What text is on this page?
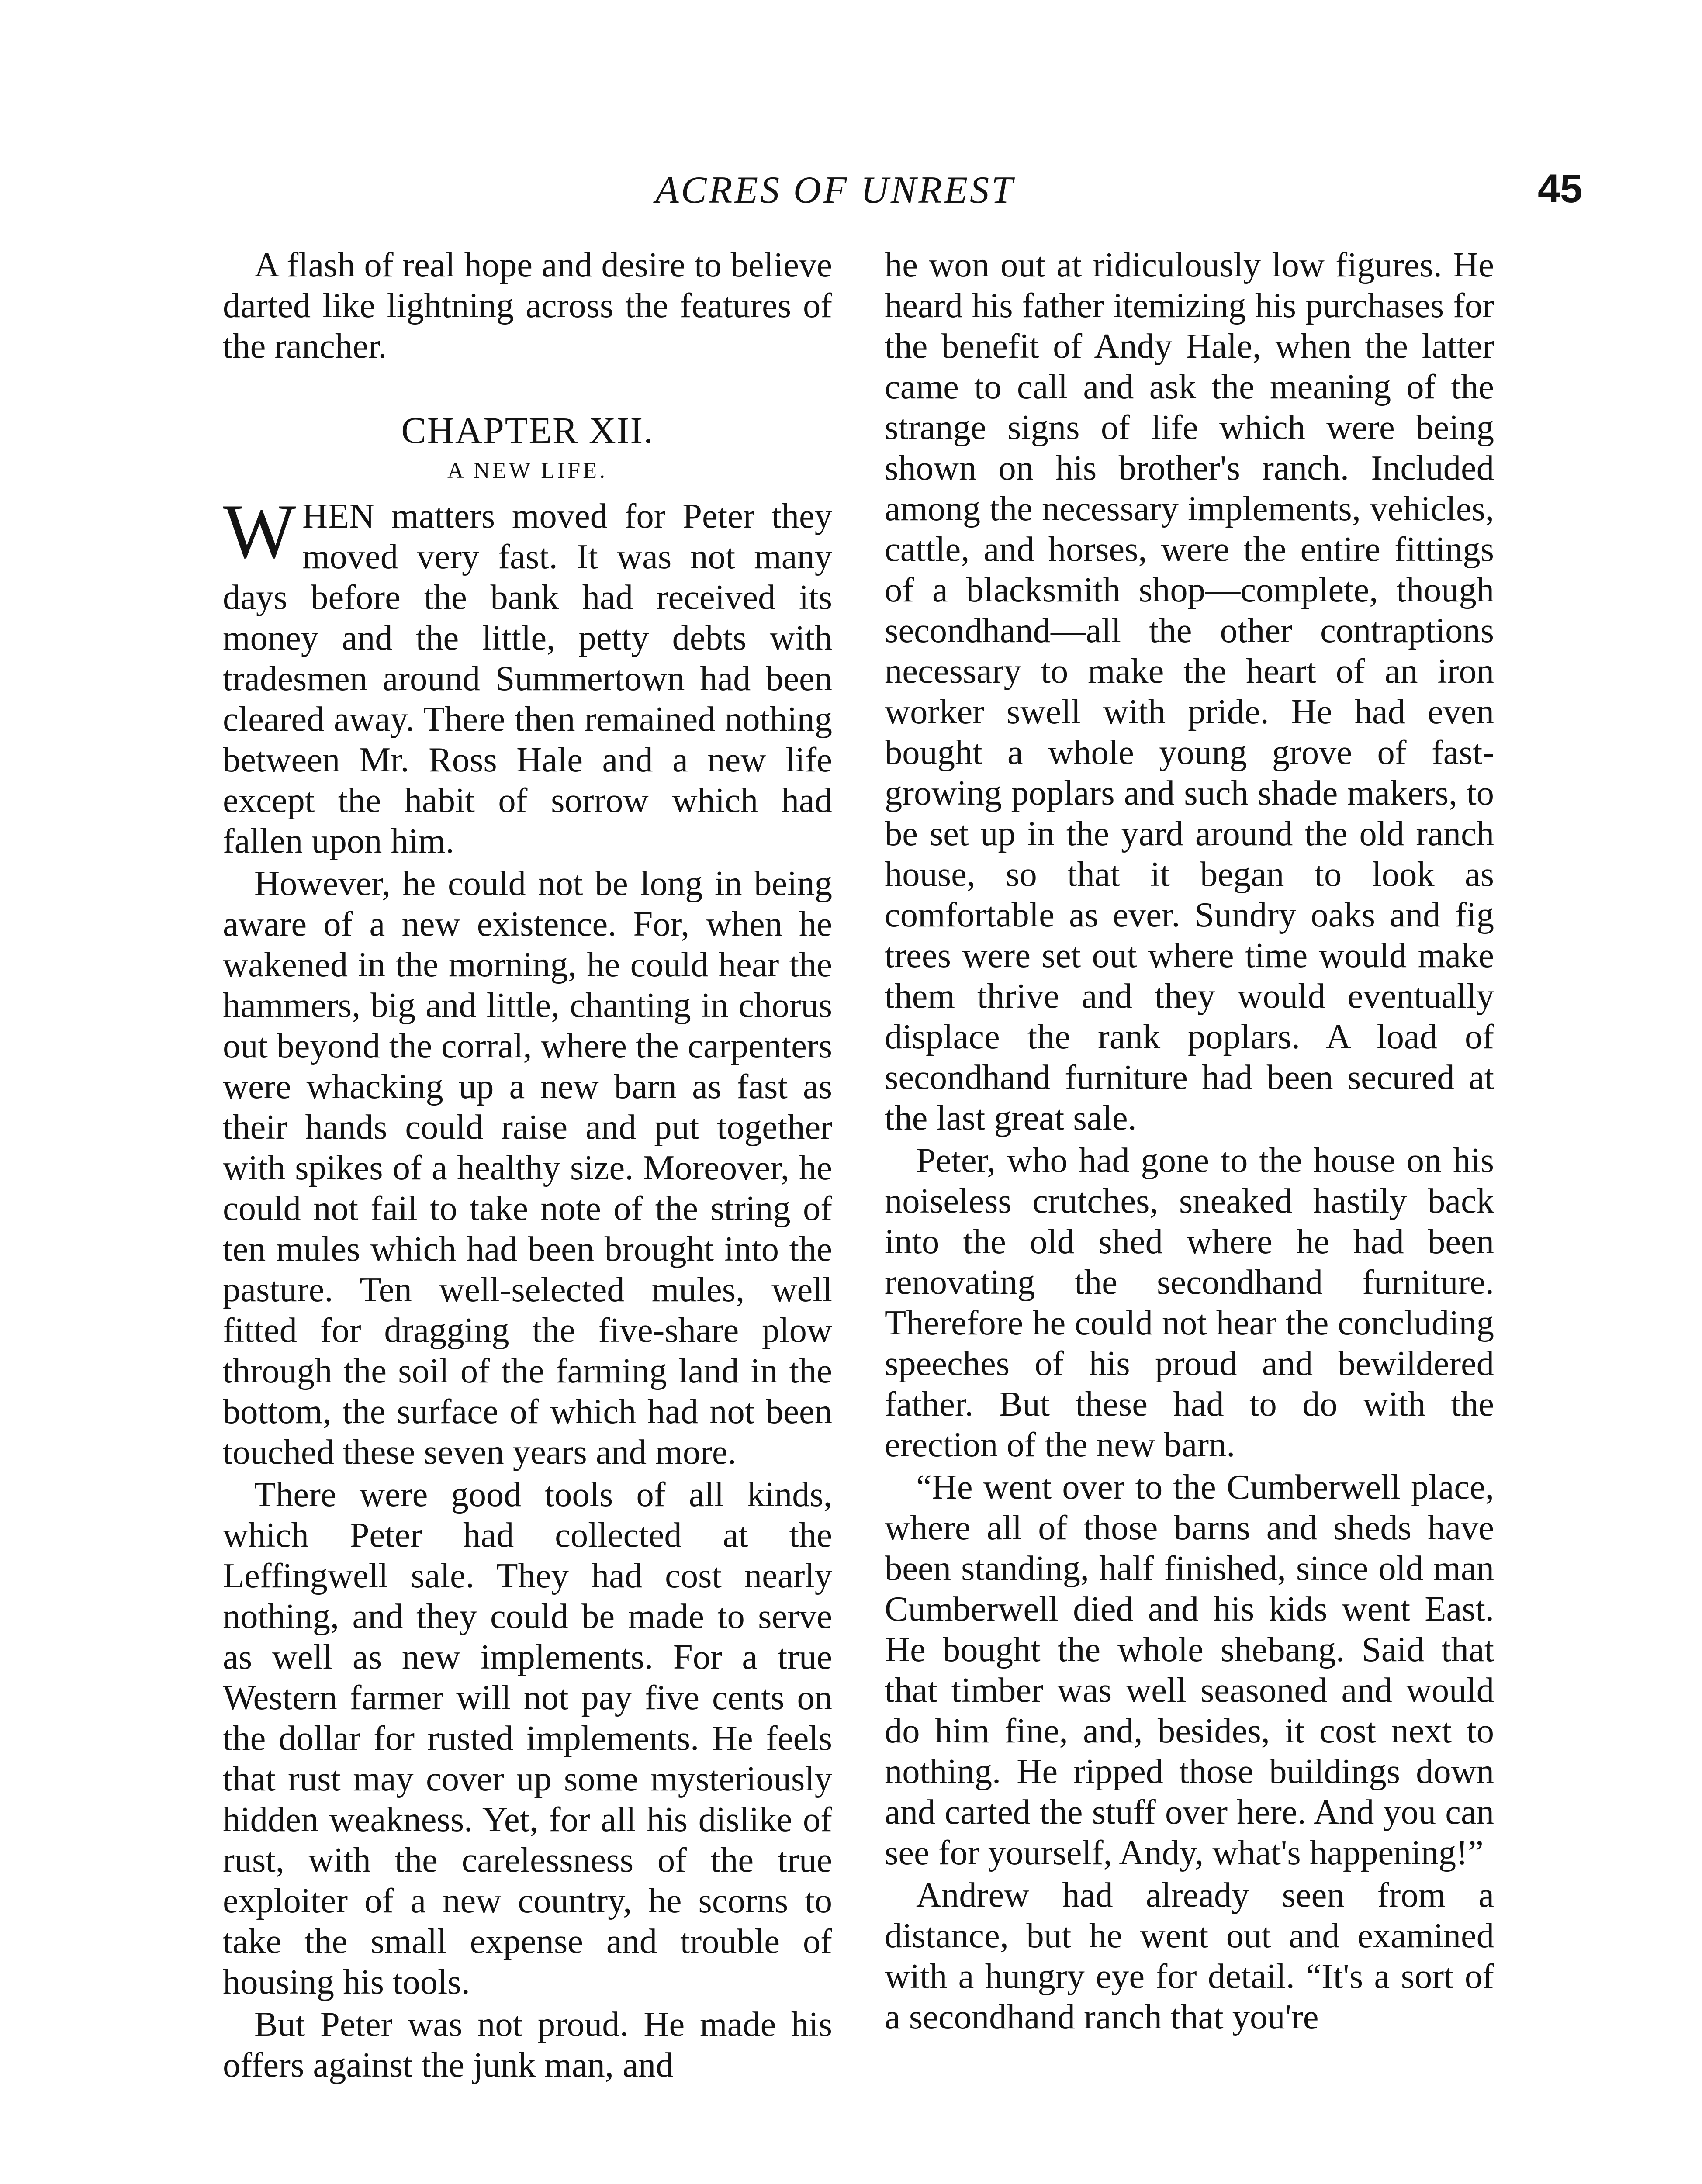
ACRES OF UNREST	45

A flash of real hope and desire to believe darted like lightning across the features of the rancher.

CHAPTER XII.
A NEW LIFE.

WHEN matters moved for Peter they moved very fast. It was not many days before the bank had received its money and the little, petty debts with tradesmen around Summertown had been cleared away. There then remained nothing between Mr. Ross Hale and a new life except the habit of sorrow which had fallen upon him.

However, he could not be long in being aware of a new existence. For, when he wakened in the morning, he could hear the hammers, big and little, chanting in chorus out beyond the corral, where the carpenters were whacking up a new barn as fast as their hands could raise and put together with spikes of a healthy size. Moreover, he could not fail to take note of the string of ten mules which had been brought into the pasture. Ten well-selected mules, well fitted for dragging the five-share plow through the soil of the farming land in the bottom, the surface of which had not been touched these seven years and more.

There were good tools of all kinds, which Peter had collected at the Leffingwell sale. They had cost nearly nothing, and they could be made to serve as well as new implements. For a true Western farmer will not pay five cents on the dollar for rusted implements. He feels that rust may cover up some mysteriously hidden weakness. Yet, for all his dislike of rust, with the carelessness of the true exploiter of a new country, he scorns to take the small expense and trouble of housing his tools.

But Peter was not proud. He made his offers against the junk man, and

he won out at ridiculously low figures. He heard his father itemizing his purchases for the benefit of Andy Hale, when the latter came to call and ask the meaning of the strange signs of life which were being shown on his brother's ranch. Included among the necessary implements, vehicles, cattle, and horses, were the entire fittings of a blacksmith shop—complete, though secondhand—all the other contraptions necessary to make the heart of an iron worker swell with pride. He had even bought a whole young grove of fast-growing poplars and such shade makers, to be set up in the yard around the old ranch house, so that it began to look as comfortable as ever. Sundry oaks and fig trees were set out where time would make them thrive and they would eventually displace the rank poplars. A load of secondhand furniture had been secured at the last great sale.

Peter, who had gone to the house on his noiseless crutches, sneaked hastily back into the old shed where he had been renovating the secondhand furniture. Therefore he could not hear the concluding speeches of his proud and bewildered father. But these had to do with the erection of the new barn.

“He went over to the Cumberwell place, where all of those barns and sheds have been standing, half finished, since old man Cumberwell died and his kids went East. He bought the whole shebang. Said that that timber was well seasoned and would do him fine, and, besides, it cost next to nothing. He ripped those buildings down and carted the stuff over here. And you can see for yourself, Andy, what's happening!”

Andrew had already seen from a distance, but he went out and examined with a hungry eye for detail. “It's a sort of a secondhand ranch that you're
